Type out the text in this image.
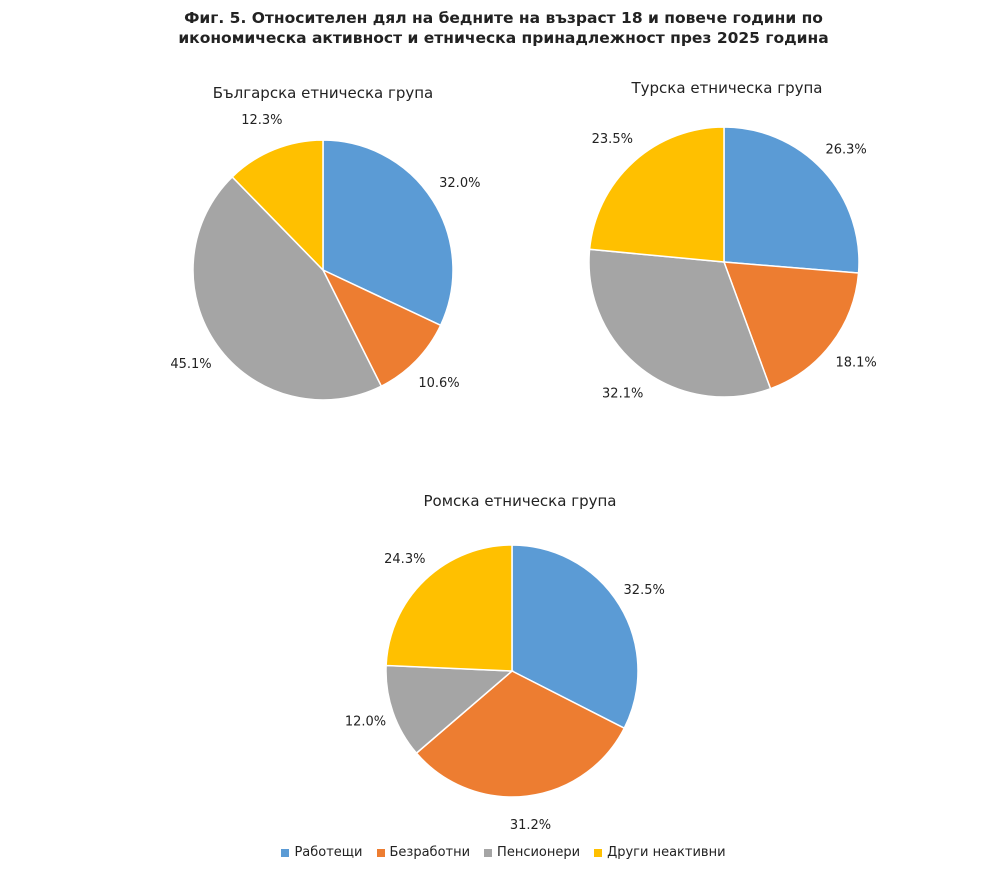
Фиг. 5. Относителен дял на бедните на възраст 18 и повече години по
икономическа активност и етническа принадлежност през 2025 година
Българска етническа група	Турска етническа група
Ромска етническа група
32.0%
10.6%
45.1%
12.3%
26.3%
18.1%
32.1%
23.5%
32.5%
31.2%
12.0%
24.3%
Работещи Безработни Пенсионери Други неактивни
